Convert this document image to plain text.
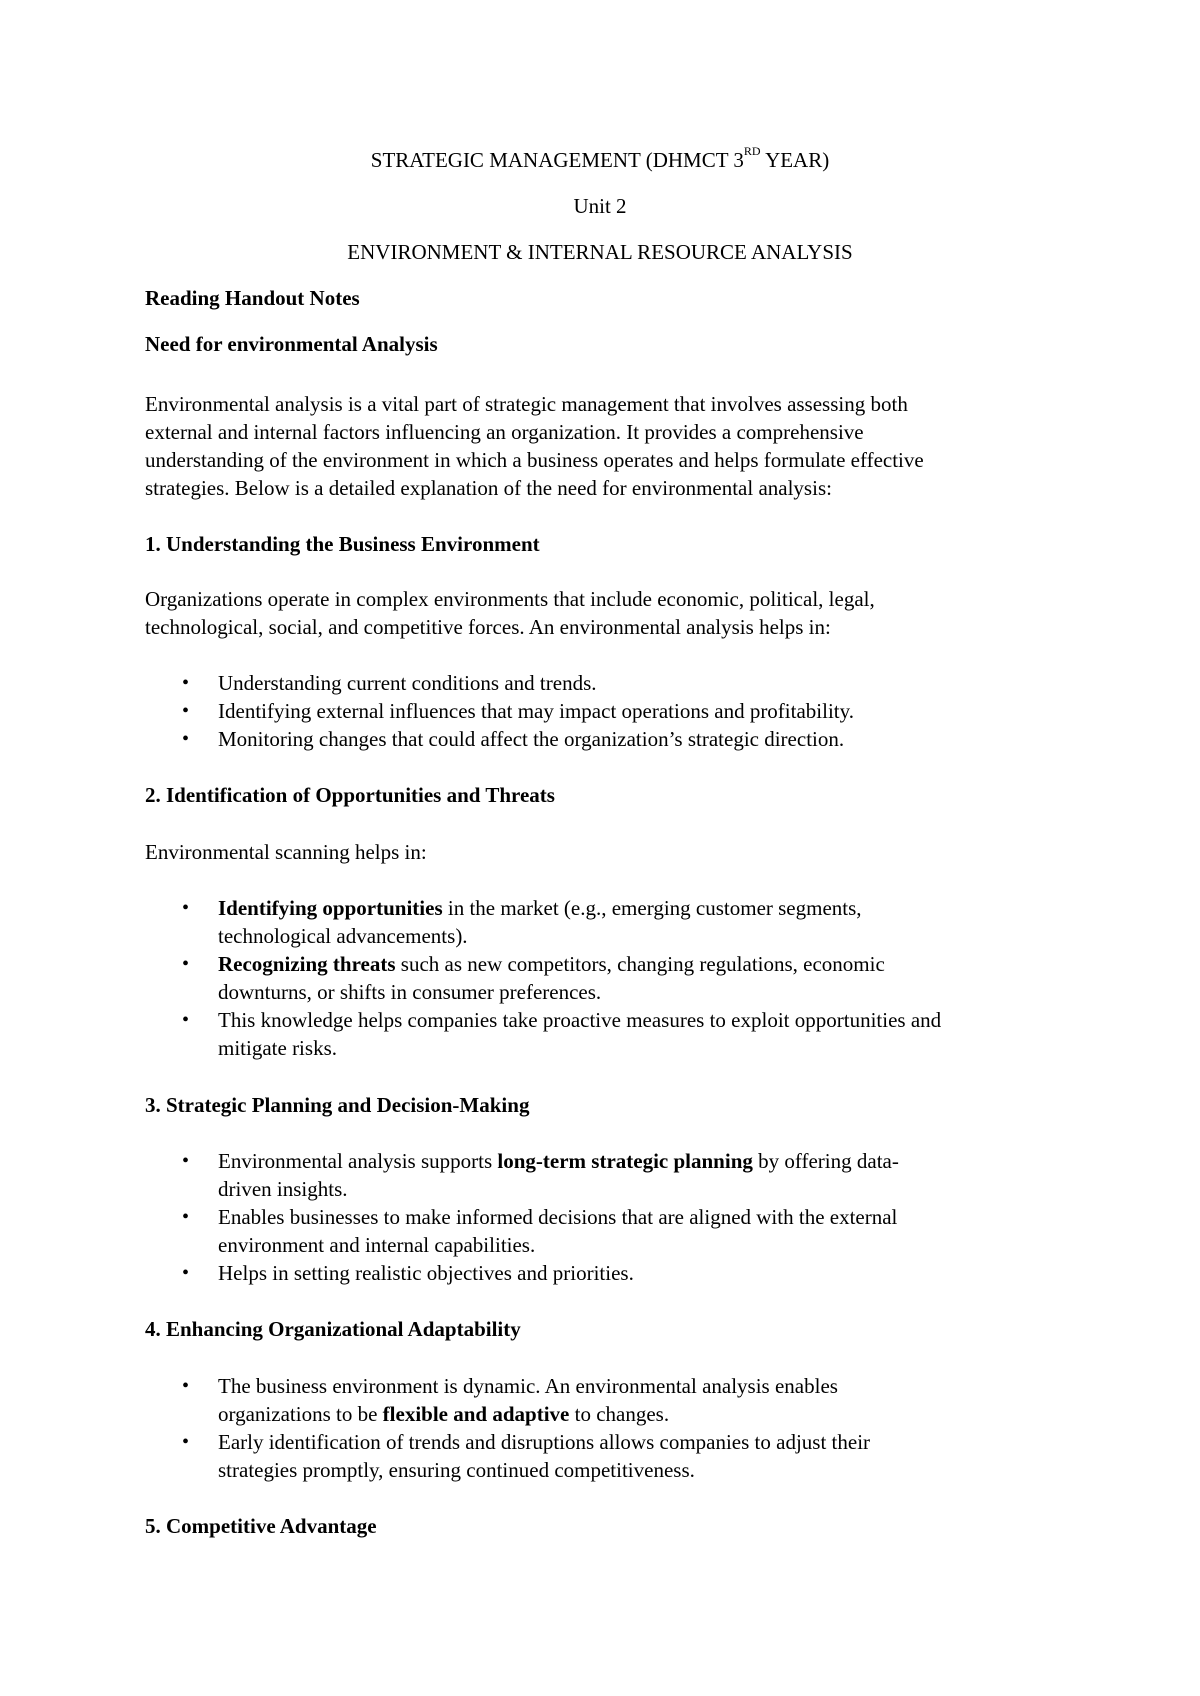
STRATEGIC MANAGEMENT (DHMCT 3RD YEAR)
Unit 2
ENVIRONMENT & INTERNAL RESOURCE ANALYSIS
Reading Handout Notes
Need for environmental Analysis
Environmental analysis is a vital part of strategic management that involves assessing both
external and internal factors influencing an organization. It provides a comprehensive
understanding of the environment in which a business operates and helps formulate effective
strategies. Below is a detailed explanation of the need for environmental analysis:
1. Understanding the Business Environment
Organizations operate in complex environments that include economic, political, legal,
technological, social, and competitive forces. An environmental analysis helps in:
• Understanding current conditions and trends.
• Identifying external influences that may impact operations and profitability.
• Monitoring changes that could affect the organization’s strategic direction.
2. Identification of Opportunities and Threats
Environmental scanning helps in:
• Identifying opportunities in the market (e.g., emerging customer segments,
technological advancements).
• Recognizing threats such as new competitors, changing regulations, economic
downturns, or shifts in consumer preferences.
• This knowledge helps companies take proactive measures to exploit opportunities and
mitigate risks.
3. Strategic Planning and Decision-Making
• Environmental analysis supports long-term strategic planning by offering data-
driven insights.
• Enables businesses to make informed decisions that are aligned with the external
environment and internal capabilities.
• Helps in setting realistic objectives and priorities.
4. Enhancing Organizational Adaptability
• The business environment is dynamic. An environmental analysis enables
organizations to be flexible and adaptive to changes.
• Early identification of trends and disruptions allows companies to adjust their
strategies promptly, ensuring continued competitiveness.
5. Competitive Advantage
